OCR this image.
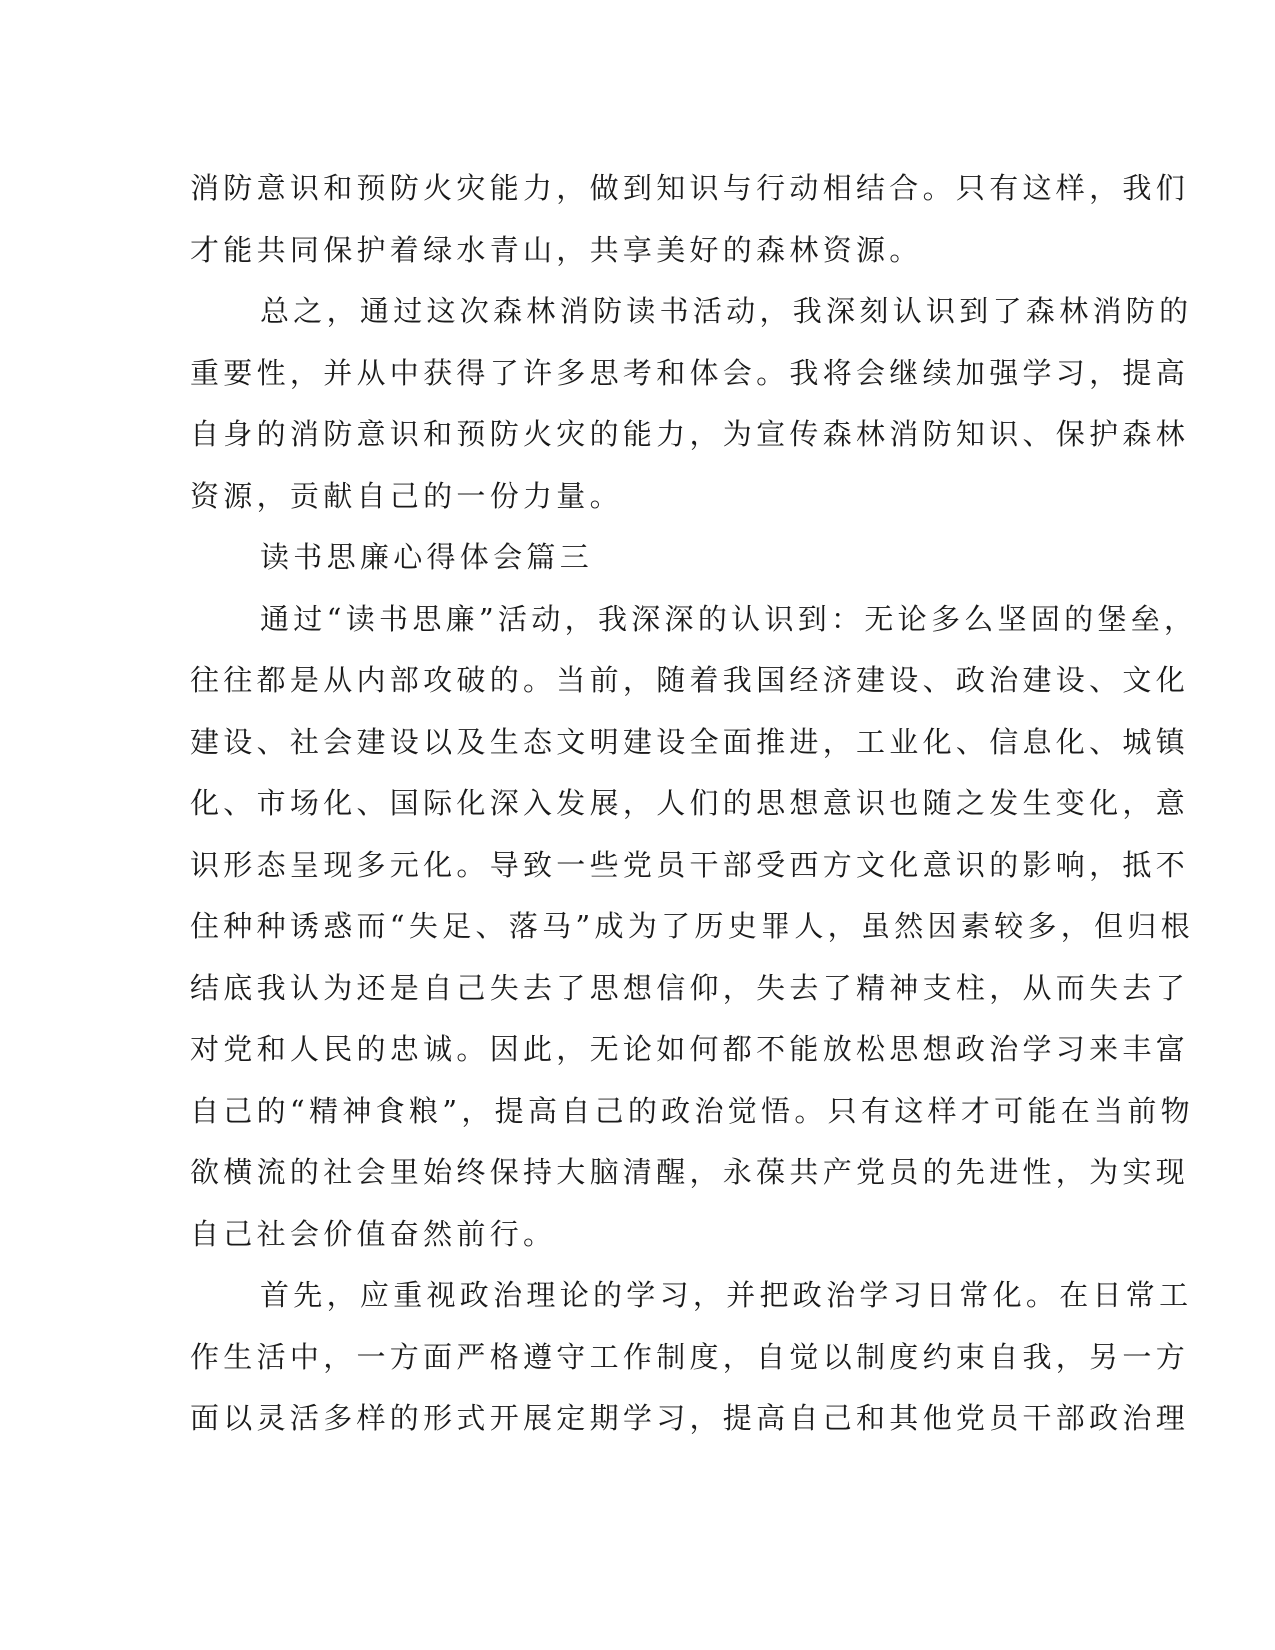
消防意识和预防火灾能力，做到知识与行动相结合。只有这样，我们
才能共同保护着绿水青山，共享美好的森林资源。
总之，通过这次森林消防读书活动，我深刻认识到了森林消防的
重要性，并从中获得了许多思考和体会。我将会继续加强学习，提高
自身的消防意识和预防火灾的能力，为宣传森林消防知识、保护森林
资源，贡献自己的一份力量。
读书思廉心得体会篇三
通过“读书思廉”活动，我深深的认识到：无论多么坚固的堡垒，
往往都是从内部攻破的。当前，随着我国经济建设、政治建设、文化
建设、社会建设以及生态文明建设全面推进，工业化、信息化、城镇
化、市场化、国际化深入发展，人们的思想意识也随之发生变化，意
识形态呈现多元化。导致一些党员干部受西方文化意识的影响，抵不
住种种诱惑而“失足、落马”成为了历史罪人，虽然因素较多，但归根
结底我认为还是自己失去了思想信仰，失去了精神支柱，从而失去了
对党和人民的忠诚。因此，无论如何都不能放松思想政治学习来丰富
自己的“精神食粮”，提高自己的政治觉悟。只有这样才可能在当前物
欲横流的社会里始终保持大脑清醒，永葆共产党员的先进性，为实现
自己社会价值奋然前行。
首先，应重视政治理论的学习，并把政治学习日常化。在日常工
作生活中，一方面严格遵守工作制度，自觉以制度约束自我，另一方
面以灵活多样的形式开展定期学习，提高自己和其他党员干部政治理
